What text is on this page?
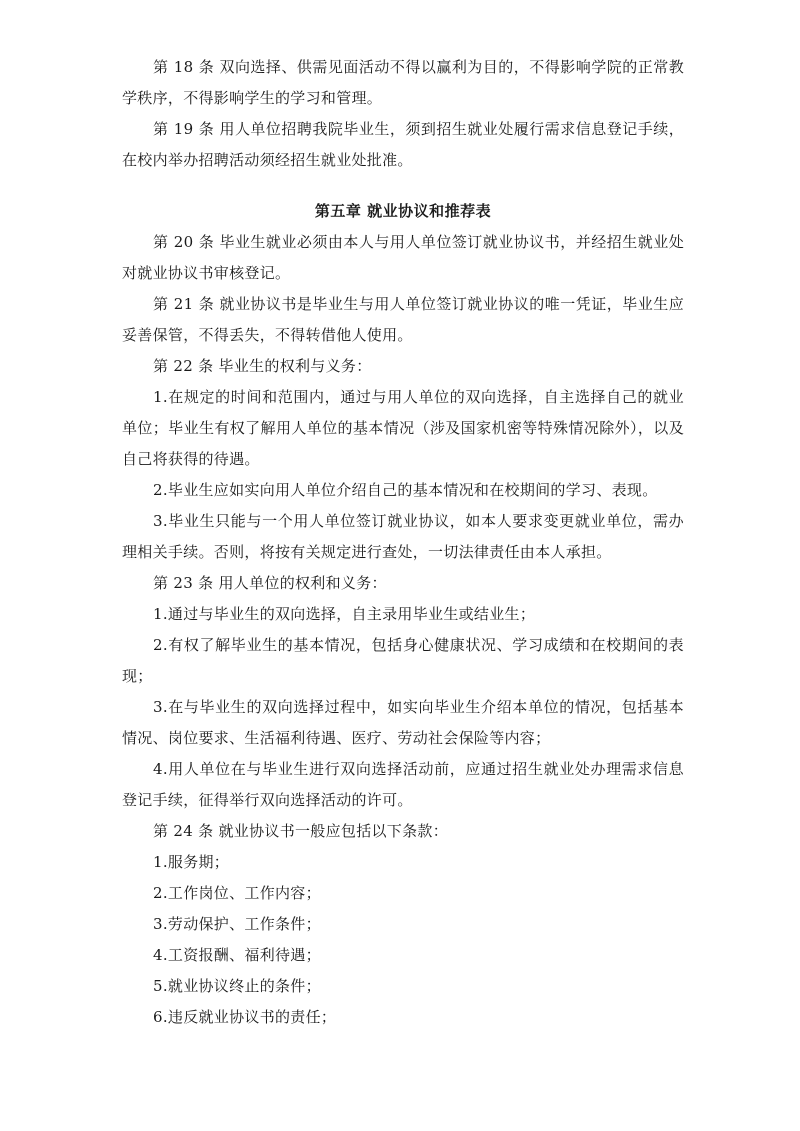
第 18 条 双向选择、供需见面活动不得以赢利为目的，不得影响学院的正常教学秩序，不得影响学生的学习和管理。

第 19 条 用人单位招聘我院毕业生，须到招生就业处履行需求信息登记手续，在校内举办招聘活动须经招生就业处批准。

第五章 就业协议和推荐表

第 20 条 毕业生就业必须由本人与用人单位签订就业协议书，并经招生就业处对就业协议书审核登记。

第 21 条 就业协议书是毕业生与用人单位签订就业协议的唯一凭证，毕业生应妥善保管，不得丢失，不得转借他人使用。

第 22 条 毕业生的权利与义务：

1.在规定的时间和范围内，通过与用人单位的双向选择，自主选择自己的就业单位；毕业生有权了解用人单位的基本情况（涉及国家机密等特殊情况除外），以及自己将获得的待遇。

2.毕业生应如实向用人单位介绍自己的基本情况和在校期间的学习、表现。

3.毕业生只能与一个用人单位签订就业协议，如本人要求变更就业单位，需办理相关手续。否则，将按有关规定进行查处，一切法律责任由本人承担。

第 23 条 用人单位的权利和义务：

1.通过与毕业生的双向选择，自主录用毕业生或结业生；

2.有权了解毕业生的基本情况，包括身心健康状况、学习成绩和在校期间的表现；

3.在与毕业生的双向选择过程中，如实向毕业生介绍本单位的情况，包括基本情况、岗位要求、生活福利待遇、医疗、劳动社会保险等内容；

4.用人单位在与毕业生进行双向选择活动前，应通过招生就业处办理需求信息登记手续，征得举行双向选择活动的许可。

第 24 条 就业协议书一般应包括以下条款：

1.服务期；

2.工作岗位、工作内容；

3.劳动保护、工作条件；

4.工资报酬、福利待遇；

5.就业协议终止的条件；

6.违反就业协议书的责任；
